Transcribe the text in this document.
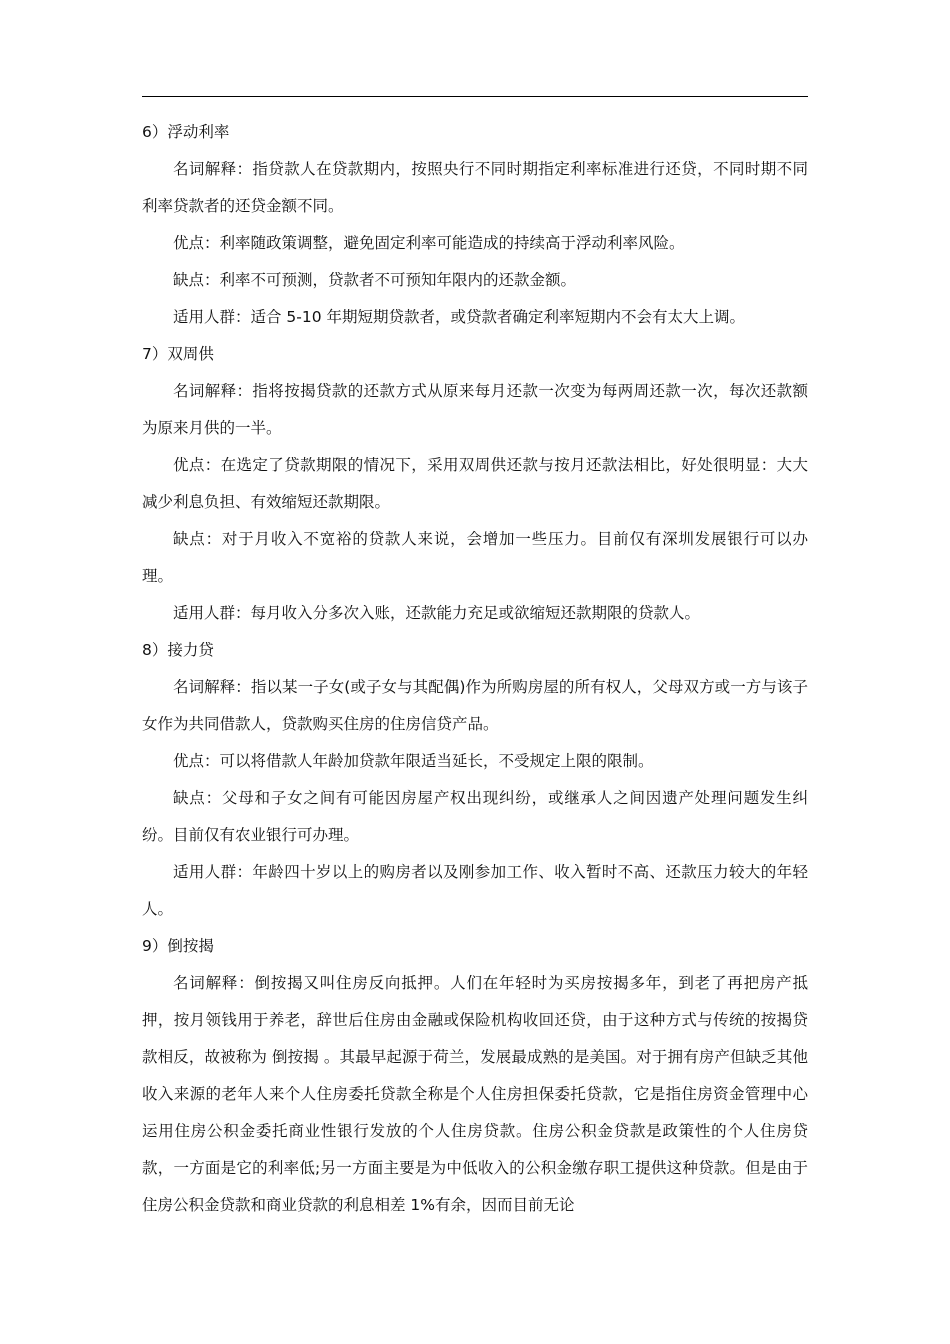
6）浮动利率

名词解释：指贷款人在贷款期内，按照央行不同时期指定利率标准进行还贷，不同时期不同利率贷款者的还贷金额不同。

优点：利率随政策调整，避免固定利率可能造成的持续高于浮动利率风险。

缺点：利率不可预测，贷款者不可预知年限内的还款金额。

适用人群：适合 5-10 年期短期贷款者，或贷款者确定利率短期内不会有太大上调。

7）双周供

名词解释：指将按揭贷款的还款方式从原来每月还款一次变为每两周还款一次，每次还款额为原来月供的一半。

优点：在选定了贷款期限的情况下，采用双周供还款与按月还款法相比，好处很明显：大大减少利息负担、有效缩短还款期限。

缺点：对于月收入不宽裕的贷款人来说，会增加一些压力。目前仅有深圳发展银行可以办理。

适用人群：每月收入分多次入账，还款能力充足或欲缩短还款期限的贷款人。

8）接力贷

名词解释：指以某一子女(或子女与其配偶)作为所购房屋的所有权人，父母双方或一方与该子女作为共同借款人，贷款购买住房的住房信贷产品。

优点：可以将借款人年龄加贷款年限适当延长，不受规定上限的限制。

缺点：父母和子女之间有可能因房屋产权出现纠纷，或继承人之间因遗产处理问题发生纠纷。目前仅有农业银行可办理。

适用人群：年龄四十岁以上的购房者以及刚参加工作、收入暂时不高、还款压力较大的年轻人。

9）倒按揭

名词解释：倒按揭又叫住房反向抵押。人们在年轻时为买房按揭多年，到老了再把房产抵押，按月领钱用于养老，辞世后住房由金融或保险机构收回还贷，由于这种方式与传统的按揭贷款相反，故被称为 倒按揭 。其最早起源于荷兰，发展最成熟的是美国。对于拥有房产但缺乏其他收入来源的老年人来个人住房委托贷款全称是个人住房担保委托贷款，它是指住房资金管理中心运用住房公积金委托商业性银行发放的个人住房贷款。住房公积金贷款是政策性的个人住房贷款，一方面是它的利率低;另一方面主要是为中低收入的公积金缴存职工提供这种贷款。但是由于住房公积金贷款和商业贷款的利息相差 1%有余，因而目前无论
